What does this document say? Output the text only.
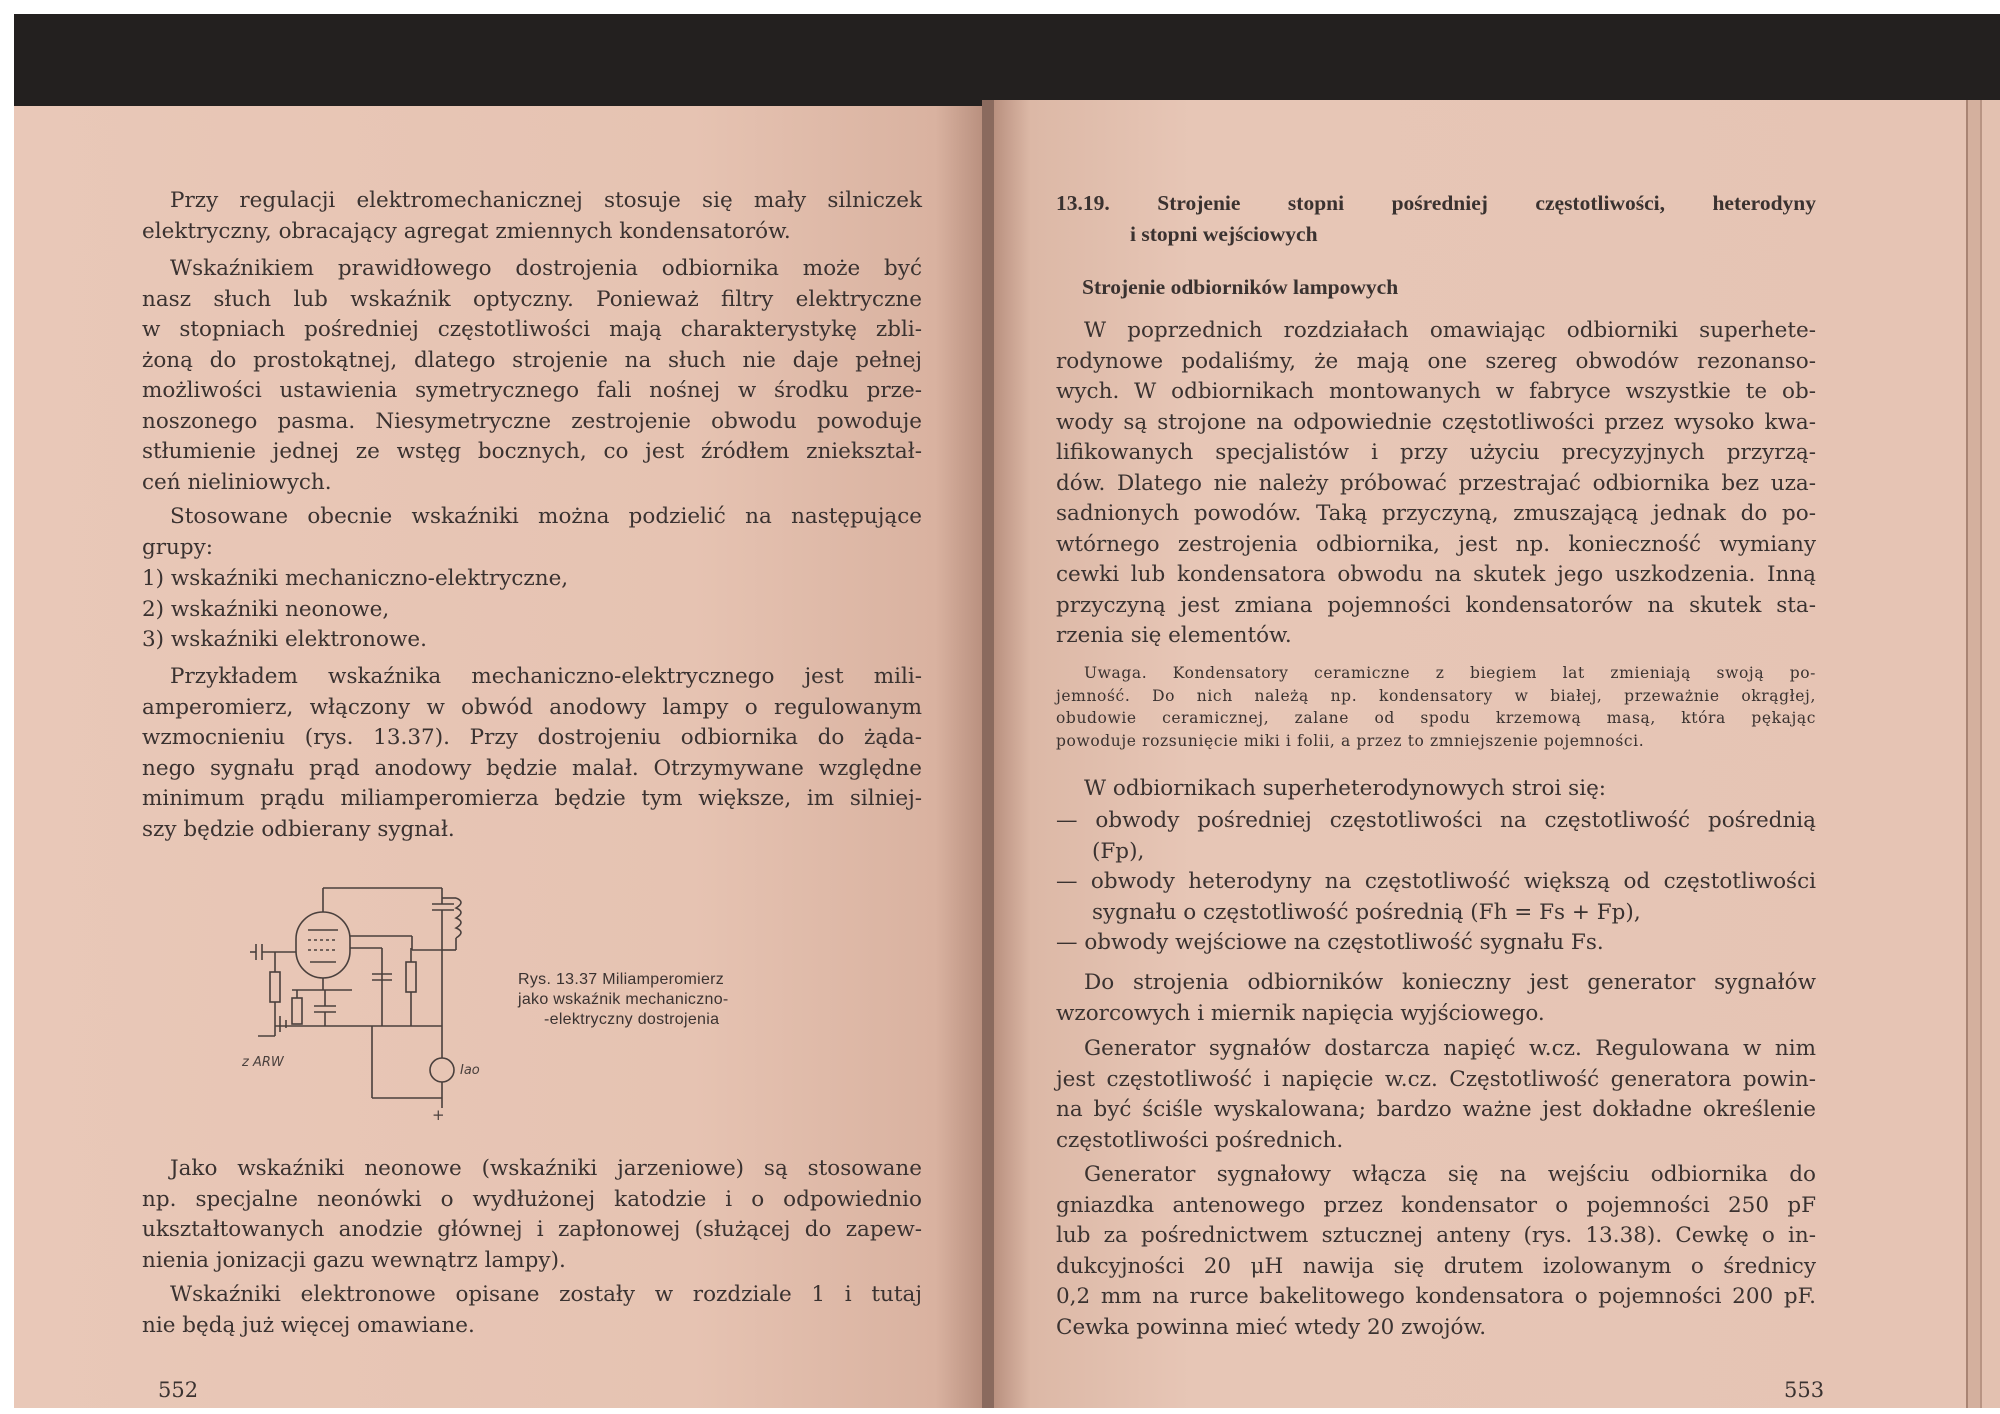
Przy regulacji elektromechanicznej stosuje się mały silniczek
elektryczny, obracający agregat zmiennych kondensatorów.
Wskaźnikiem prawidłowego dostrojenia odbiornika może być
nasz słuch lub wskaźnik optyczny. Ponieważ filtry elektryczne
w stopniach pośredniej częstotliwości mają charakterystykę zbli-
żoną do prostokątnej, dlatego strojenie na słuch nie daje pełnej
możliwości ustawienia symetrycznego fali nośnej w środku prze-
noszonego pasma. Niesymetryczne zestrojenie obwodu powoduje
stłumienie jednej ze wstęg bocznych, co jest źródłem zniekształ-
ceń nieliniowych.
Stosowane obecnie wskaźniki można podzielić na następujące
grupy:
1) wskaźniki mechaniczno-elektryczne,
2) wskaźniki neonowe,
3) wskaźniki elektronowe.
Przykładem wskaźnika mechaniczno-elektrycznego jest mili-
amperomierz, włączony w obwód anodowy lampy o regulowanym
wzmocnieniu (rys. 13.37). Przy dostrojeniu odbiornika do żąda-
nego sygnału prąd anodowy będzie malał. Otrzymywane względne
minimum prądu miliamperomierza będzie tym większe, im silniej-
szy będzie odbierany sygnał.
z ARW
Iao
+
Rys. 13.37 Miliamperomierz
jako wskaźnik mechaniczno-
-elektryczny dostrojenia
Jako wskaźniki neonowe (wskaźniki jarzeniowe) są stosowane
np. specjalne neonówki o wydłużonej katodzie i o odpowiednio
ukształtowanych anodzie głównej i zapłonowej (służącej do zapew-
nienia jonizacji gazu wewnątrz lampy).
Wskaźniki elektronowe opisane zostały w rozdziale 1 i tutaj
nie będą już więcej omawiane.
552
13.19. Strojenie stopni pośredniej częstotliwości, heterodyny
i stopni wejściowych
Strojenie odbiorników lampowych
W poprzednich rozdziałach omawiając odbiorniki superhete-
rodynowe podaliśmy, że mają one szereg obwodów rezonanso-
wych. W odbiornikach montowanych w fabryce wszystkie te ob-
wody są strojone na odpowiednie częstotliwości przez wysoko kwa-
lifikowanych specjalistów i przy użyciu precyzyjnych przyrzą-
dów. Dlatego nie należy próbować przestrajać odbiornika bez uza-
sadnionych powodów. Taką przyczyną, zmuszającą jednak do po-
wtórnego zestrojenia odbiornika, jest np. konieczność wymiany
cewki lub kondensatora obwodu na skutek jego uszkodzenia. Inną
przyczyną jest zmiana pojemności kondensatorów na skutek sta-
rzenia się elementów.
Uwaga. Kondensatory ceramiczne z biegiem lat zmieniają swoją po-
jemność. Do nich należą np. kondensatory w białej, przeważnie okrągłej,
obudowie ceramicznej, zalane od spodu krzemową masą, która pękając
powoduje rozsunięcie miki i folii, a przez to zmniejszenie pojemności.
W odbiornikach superheterodynowych stroi się:
— obwody pośredniej częstotliwości na częstotliwość pośrednią
(Fp),
— obwody heterodyny na częstotliwość większą od częstotliwości
sygnału o częstotliwość pośrednią (Fh = Fs + Fp),
— obwody wejściowe na częstotliwość sygnału Fs.
Do strojenia odbiorników konieczny jest generator sygnałów
wzorcowych i miernik napięcia wyjściowego.
Generator sygnałów dostarcza napięć w.cz. Regulowana w nim
jest częstotliwość i napięcie w.cz. Częstotliwość generatora powin-
na być ściśle wyskalowana; bardzo ważne jest dokładne określenie
częstotliwości pośrednich.
Generator sygnałowy włącza się na wejściu odbiornika do
gniazdka antenowego przez kondensator o pojemności 250 pF
lub za pośrednictwem sztucznej anteny (rys. 13.38). Cewkę o in-
dukcyjności 20 μH nawija się drutem izolowanym o średnicy
0,2 mm na rurce bakelitowego kondensatora o pojemności 200 pF.
Cewka powinna mieć wtedy 20 zwojów.
553
